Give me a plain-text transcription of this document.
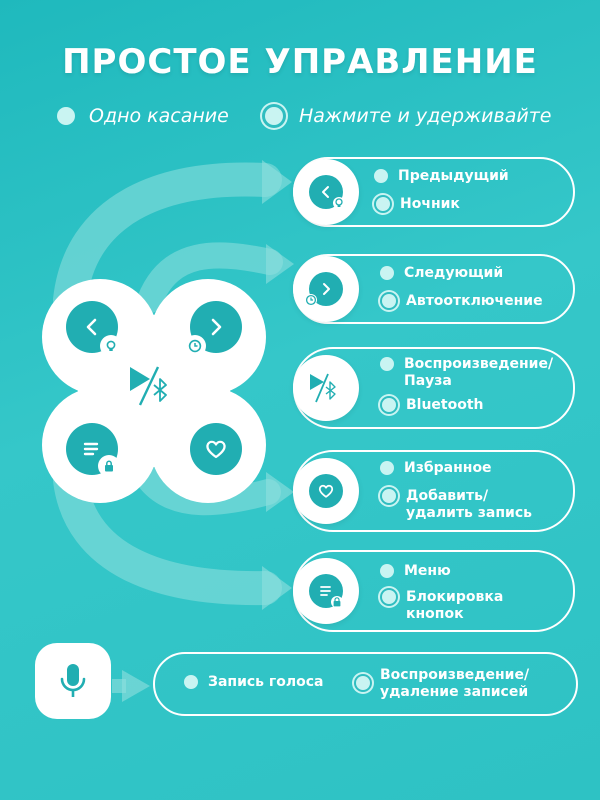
ПРОСТОЕ УПРАВЛЕНИЕ
Одно касание	Нажмите и удерживайте
Предыдущий
Ночник
Следующий
Автоотключение
Воспроизведение/
Пауза
Bluetooth
Избранное
Добавить/
удалить запись
Меню
Блокировка
кнопок
Запись голоса	Воспроизведение/
удаление записей
